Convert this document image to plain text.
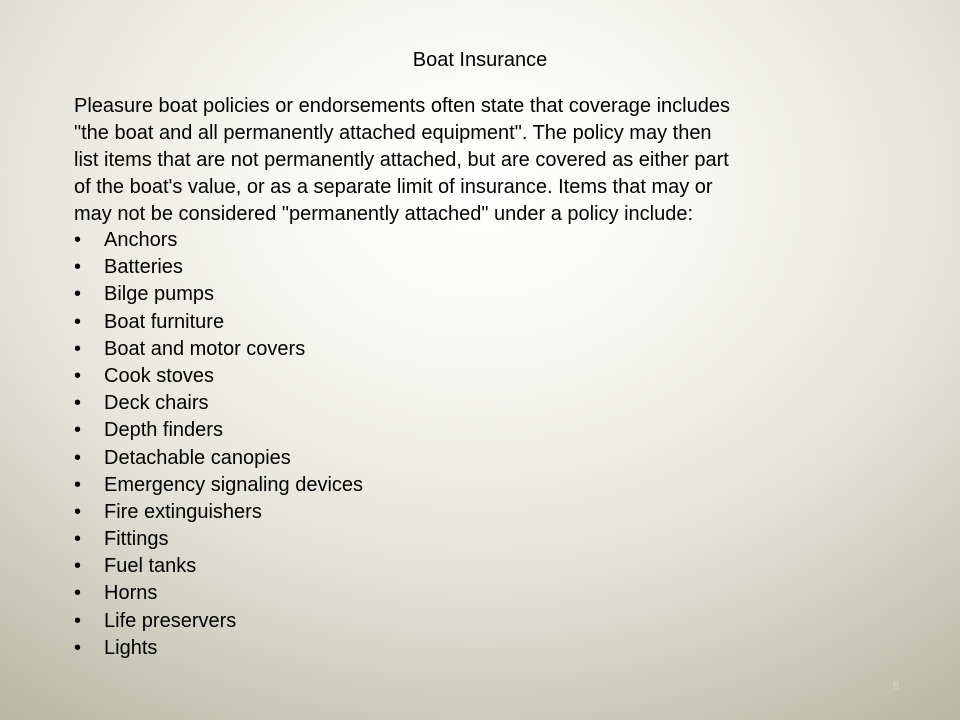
Boat Insurance
Pleasure boat policies or endorsements often state that coverage includes
"the boat and all permanently attached equipment". The policy may then
list items that are not permanently attached, but are covered as either part
of the boat's value, or as a separate limit of insurance. Items that may or
may not be considered "permanently attached" under a policy include:
• Anchors
• Batteries
• Bilge pumps
• Boat furniture
• Boat and motor covers
• Cook stoves
• Deck chairs
• Depth finders
• Detachable canopies
• Emergency signaling devices
• Fire extinguishers
• Fittings
• Fuel tanks
• Horns
• Life preservers
• Lights
8
